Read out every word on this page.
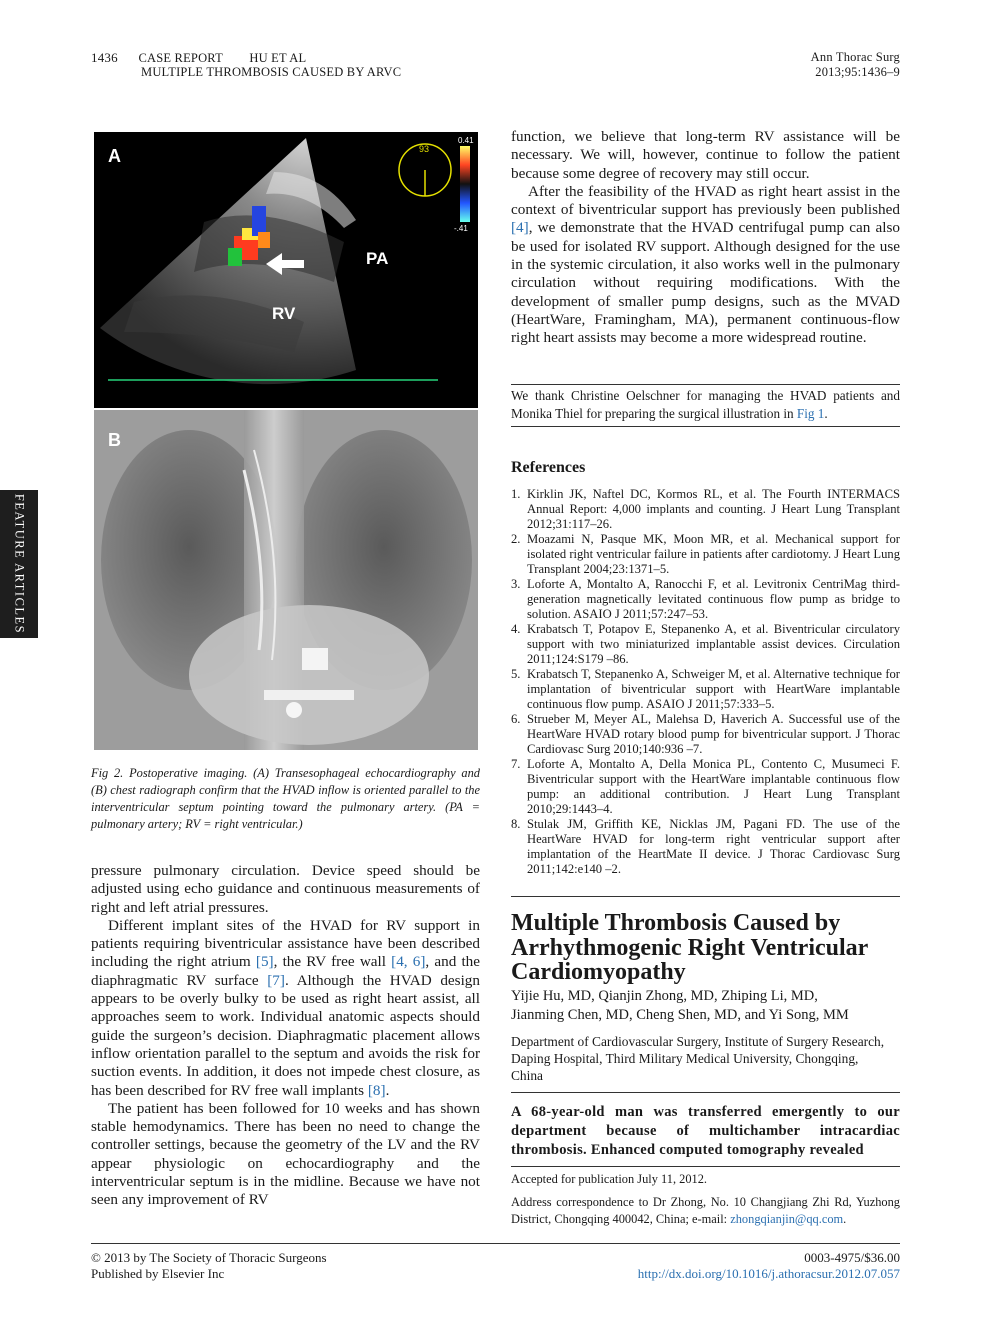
1436 CASE REPORT HU ET AL
MULTIPLE THROMBOSIS CAUSED BY ARVC
Ann Thorac Surg
2013;95:1436–9
FEATURE ARTICLES
93
0.41
-.41
A
PA
RV
B
Fig 2. Postoperative imaging. (A) Transesophageal echocardiography and (B) chest radiograph confirm that the HVAD inflow is oriented parallel to the interventricular septum pointing toward the pulmonary artery. (PA = pulmonary artery; RV = right ventricular.)

pressure pulmonary circulation. Device speed should be adjusted using echo guidance and continuous measurements of right and left atrial pressures.

Different implant sites of the HVAD for RV support in patients requiring biventricular assistance have been described including the right atrium [5], the RV free wall [4, 6], and the diaphragmatic RV surface [7]. Although the HVAD design appears to be overly bulky to be used as right heart assist, all approaches seem to work. Individual anatomic aspects should guide the surgeon’s decision. Diaphragmatic placement allows inflow orientation parallel to the septum and avoids the risk for suction events. In addition, it does not impede chest closure, as has been described for RV free wall implants [8].

The patient has been followed for 10 weeks and has shown stable hemodynamics. There has been no need to change the controller settings, because the geometry of the LV and the RV appear physiologic on echocardiography and the interventricular septum is in the midline. Because we have not seen any improvement of RV

function, we believe that long-term RV assistance will be necessary. We will, however, continue to follow the patient because some degree of recovery may still occur.

After the feasibility of the HVAD as right heart assist in the context of biventricular support has previously been published [4], we demonstrate that the HVAD centrifugal pump can also be used for isolated RV support. Although designed for the use in the systemic circulation, it also works well in the pulmonary circulation without requiring modifications. With the development of smaller pump designs, such as the MVAD (HeartWare, Framingham, MA), permanent continuous-flow right heart assists may become a more widespread routine.

We thank Christine Oelschner for managing the HVAD patients and Monika Thiel for preparing the surgical illustration in Fig 1.
References

1. Kirklin JK, Naftel DC, Kormos RL, et al. The Fourth INTERMACS Annual Report: 4,000 implants and counting. J Heart Lung Transplant 2012;31:117–26.

2. Moazami N, Pasque MK, Moon MR, et al. Mechanical support for isolated right ventricular failure in patients after cardiotomy. J Heart Lung Transplant 2004;23:1371–5.

3. Loforte A, Montalto A, Ranocchi F, et al. Levitronix CentriMag third-generation magnetically levitated continuous flow pump as bridge to solution. ASAIO J 2011;57:247–53.

4. Krabatsch T, Potapov E, Stepanenko A, et al. Biventricular circulatory support with two miniaturized implantable assist devices. Circulation 2011;124:S179 –86.

5. Krabatsch T, Stepanenko A, Schweiger M, et al. Alternative technique for implantation of biventricular support with HeartWare implantable continuous flow pump. ASAIO J 2011;57:333–5.

6. Strueber M, Meyer AL, Malehsa D, Haverich A. Successful use of the HeartWare HVAD rotary blood pump for biventricular support. J Thorac Cardiovasc Surg 2010;140:936 –7.

7. Loforte A, Montalto A, Della Monica PL, Contento C, Musumeci F. Biventricular support with the HeartWare implantable continuous flow pump: an additional contribution. J Heart Lung Transplant 2010;29:1443–4.

8. Stulak JM, Griffith KE, Nicklas JM, Pagani FD. The use of the HeartWare HVAD for long-term right ventricular support after implantation of the HeartMate II device. J Thorac Cardiovasc Surg 2011;142:e140 –2.

Multiple Thrombosis Caused by Arrhythmogenic Right Ventricular Cardiomyopathy
Yijie Hu, MD, Qianjin Zhong, MD, Zhiping Li, MD,
Jianming Chen, MD, Cheng Shen, MD, and Yi Song, MM
Department of Cardiovascular Surgery, Institute of Surgery Research, Daping Hospital, Third Military Medical University, Chongqing, China
A 68-year-old man was transferred emergently to our department because of multichamber intracardiac thrombosis. Enhanced computed tomography revealed
Accepted for publication July 11, 2012.
Address correspondence to Dr Zhong, No. 10 Changjiang Zhi Rd, Yuzhong District, Chongqing 400042, China; e-mail: zhongqianjin@qq.com.
© 2013 by The Society of Thoracic Surgeons
Published by Elsevier Inc
0003-4975/$36.00
http://dx.doi.org/10.1016/j.athoracsur.2012.07.057
